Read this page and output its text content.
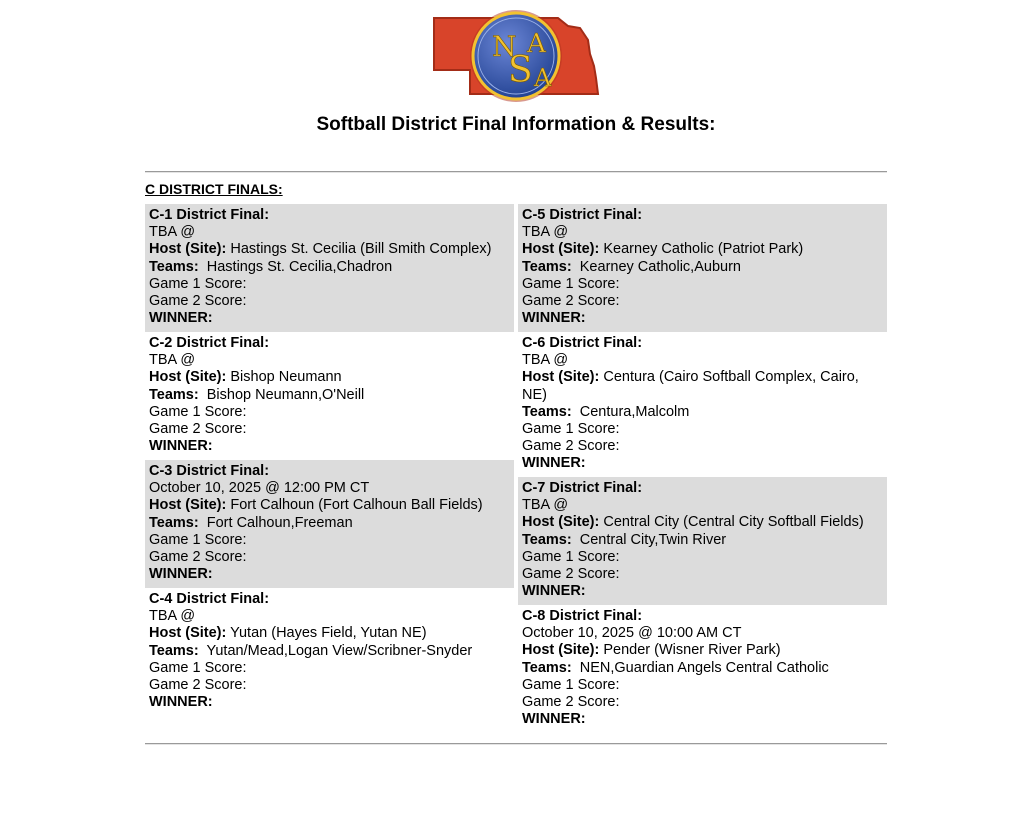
N
S
A
A
Softball District Final Information & Results:
C DISTRICT FINALS:
C-1 District Final:
TBA @
Host (Site): Hastings St. Cecilia (Bill Smith Complex)
Teams: Hastings St. Cecilia,Chadron
Game 1 Score:
Game 2 Score:
WINNER:
C-2 District Final:
TBA @
Host (Site): Bishop Neumann
Teams: Bishop Neumann,O'Neill
Game 1 Score:
Game 2 Score:
WINNER:
C-3 District Final:
October 10, 2025 @ 12:00 PM CT
Host (Site): Fort Calhoun (Fort Calhoun Ball Fields)
Teams: Fort Calhoun,Freeman
Game 1 Score:
Game 2 Score:
WINNER:
C-4 District Final:
TBA @
Host (Site): Yutan (Hayes Field, Yutan NE)
Teams: Yutan/Mead,Logan View/Scribner-Snyder
Game 1 Score:
Game 2 Score:
WINNER:
C-5 District Final:
TBA @
Host (Site): Kearney Catholic (Patriot Park)
Teams: Kearney Catholic,Auburn
Game 1 Score:
Game 2 Score:
WINNER:
C-6 District Final:
TBA @
Host (Site): Centura (Cairo Softball Complex, Cairo, NE)
Teams: Centura,Malcolm
Game 1 Score:
Game 2 Score:
WINNER:
C-7 District Final:
TBA @
Host (Site): Central City (Central City Softball Fields)
Teams: Central City,Twin River
Game 1 Score:
Game 2 Score:
WINNER:
C-8 District Final:
October 10, 2025 @ 10:00 AM CT
Host (Site): Pender (Wisner River Park)
Teams: NEN,Guardian Angels Central Catholic
Game 1 Score:
Game 2 Score:
WINNER:
